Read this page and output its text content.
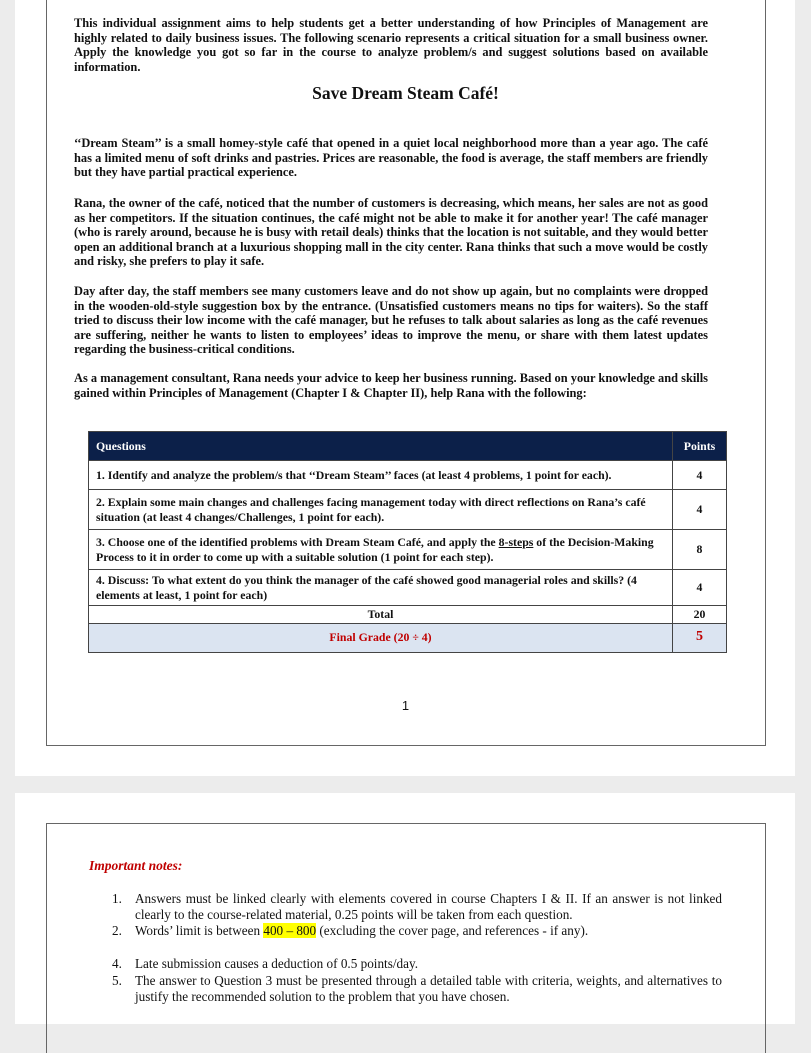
This individual assignment aims to help students get a better understanding of how Principles of Management are highly related to daily business issues. The following scenario represents a critical situation for a small business owner. Apply the knowledge you got so far in the course to analyze problem/s and suggest solutions based on available information.

Save Dream Steam Café!

‘‘Dream Steam’’ is a small homey-style café that opened in a quiet local neighborhood more than a year ago. The café has a limited menu of soft drinks and pastries. Prices are reasonable, the food is average, the staff members are friendly but they have partial practical experience.

Rana, the owner of the café, noticed that the number of customers is decreasing, which means, her sales are not as good as her competitors. If the situation continues, the café might not be able to make it for another year! The café manager (who is rarely around, because he is busy with retail deals) thinks that the location is not suitable, and they would better open an additional branch at a luxurious shopping mall in the city center. Rana thinks that such a move would be costly and risky, she prefers to play it safe.

Day after day, the staff members see many customers leave and do not show up again, but no complaints were dropped in the wooden-old-style suggestion box by the entrance. (Unsatisfied customers means no tips for waiters). So the staff tried to discuss their low income with the café manager, but he refuses to talk about salaries as long as the café revenues are suffering, neither he wants to listen to employees’ ideas to improve the menu, or share with them latest updates regarding the business-critical conditions.

As a management consultant, Rana needs your advice to keep her business running. Based on your knowledge and skills gained within Principles of Management (Chapter I & Chapter II), help Rana with the following:

Questions	Points
1. Identify and analyze the problem/s that ‘‘Dream Steam’’ faces (at least 4 problems, 1 point for each).	4
2. Explain some main changes and challenges facing management today with direct reflections on Rana’s café situation (at least 4 changes/Challenges, 1 point for each).	4
3. Choose one of the identified problems with Dream Steam Café, and apply the 8-steps of the Decision-Making Process to it in order to come up with a suitable solution (1 point for each step).	8
4. Discuss: To what extent do you think the manager of the café showed good managerial roles and skills? (4 elements at least, 1 point for each)	4
Total	20
Final Grade (20 ÷ 4)	5
1

Important notes:

1. Answers must be linked clearly with elements covered in course Chapters I & II. If an answer is not linked clearly to the course-related material, 0.25 points will be taken from each question.
2. Words’ limit is between 400 – 800 (excluding the cover page, and references - if any).
4. Late submission causes a deduction of 0.5 points/day.
5. The answer to Question 3 must be presented through a detailed table with criteria, weights, and alternatives to justify the recommended solution to the problem that you have chosen.
